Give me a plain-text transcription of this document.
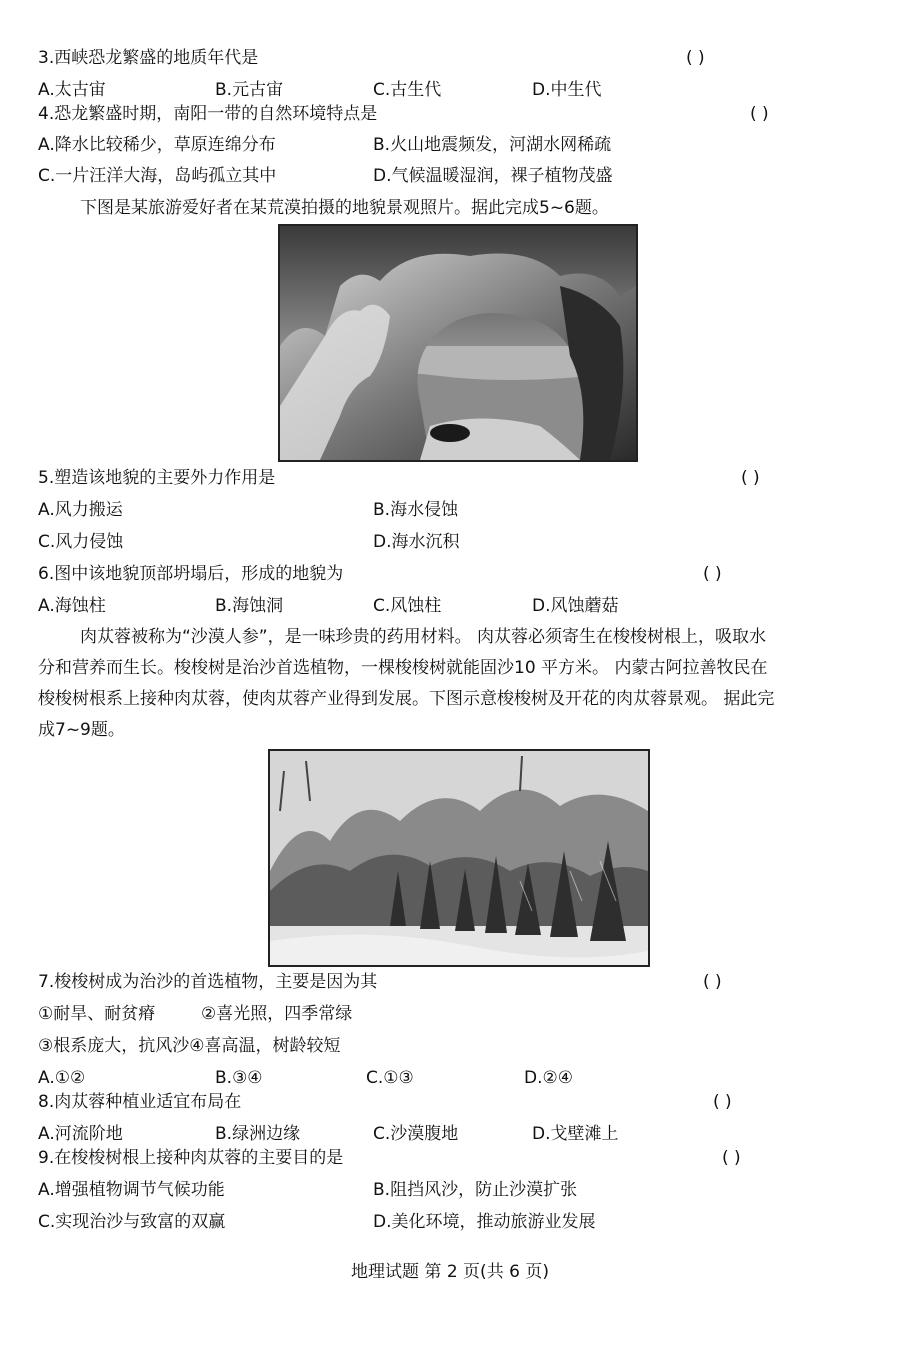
3.西峡恐龙繁盛的地质年代是	( )
A.太古宙	B.元古宙	C.古生代	D.中生代
4.恐龙繁盛时期，南阳一带的自然环境特点是	( )
A.降水比较稀少，草原连绵分布	B.火山地震频发，河湖水网稀疏
C.一片汪洋大海，岛屿孤立其中	D.气候温暖湿润，裸子植物茂盛
下图是某旅游爱好者在某荒漠拍摄的地貌景观照片。据此完成5~6题。
5.塑造该地貌的主要外力作用是	( )
A.风力搬运	B.海水侵蚀
C.风力侵蚀	D.海水沉积
6.图中该地貌顶部坍塌后，形成的地貌为	( )
A.海蚀柱	B.海蚀洞	C.风蚀柱	D.风蚀蘑菇
肉苁蓉被称为“沙漠人参”，是一味珍贵的药用材料。 肉苁蓉必须寄生在梭梭树根上，吸取水
分和营养而生长。梭梭树是治沙首选植物，一棵梭梭树就能固沙10 平方米。 内蒙古阿拉善牧民在
梭梭树根系上接种肉苁蓉，使肉苁蓉产业得到发展。下图示意梭梭树及开花的肉苁蓉景观。 据此完
成7~9题。
7.梭梭树成为治沙的首选植物，主要是因为其	( )
①耐旱、耐贫瘠	②喜光照，四季常绿
③根系庞大，抗风沙④喜高温，树龄较短
A.①②	B.③④	C.①③	D.②④
8.肉苁蓉种植业适宜布局在	( )
A.河流阶地	B.绿洲边缘	C.沙漠腹地	D.戈壁滩上
9.在梭梭树根上接种肉苁蓉的主要目的是	( )
A.增强植物调节气候功能	B.阻挡风沙，防止沙漠扩张
C.实现治沙与致富的双赢	D.美化环境，推动旅游业发展
地理试题 第 2 页(共 6 页)
